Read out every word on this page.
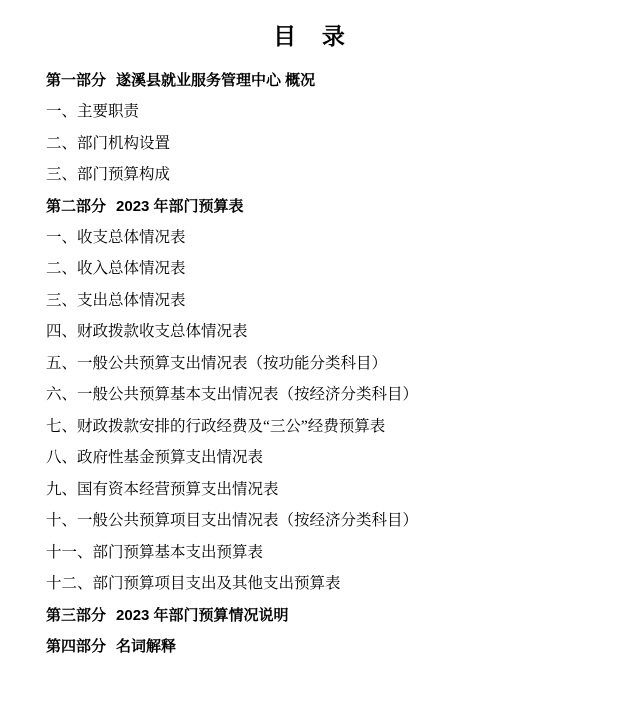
目 录
第一部分 遂溪县就业服务管理中心 概况
一、主要职责
二、部门机构设置
三、部门预算构成
第二部分 2023 年部门预算表
一、收支总体情况表
二、收入总体情况表
三、支出总体情况表
四、财政拨款收支总体情况表
五、一般公共预算支出情况表（按功能分类科目）
六、一般公共预算基本支出情况表（按经济分类科目）
七、财政拨款安排的行政经费及“三公”经费预算表
八、政府性基金预算支出情况表
九、国有资本经营预算支出情况表
十、一般公共预算项目支出情况表（按经济分类科目）
十一、部门预算基本支出预算表
十二、部门预算项目支出及其他支出预算表
第三部分 2023 年部门预算情况说明
第四部分 名词解释
